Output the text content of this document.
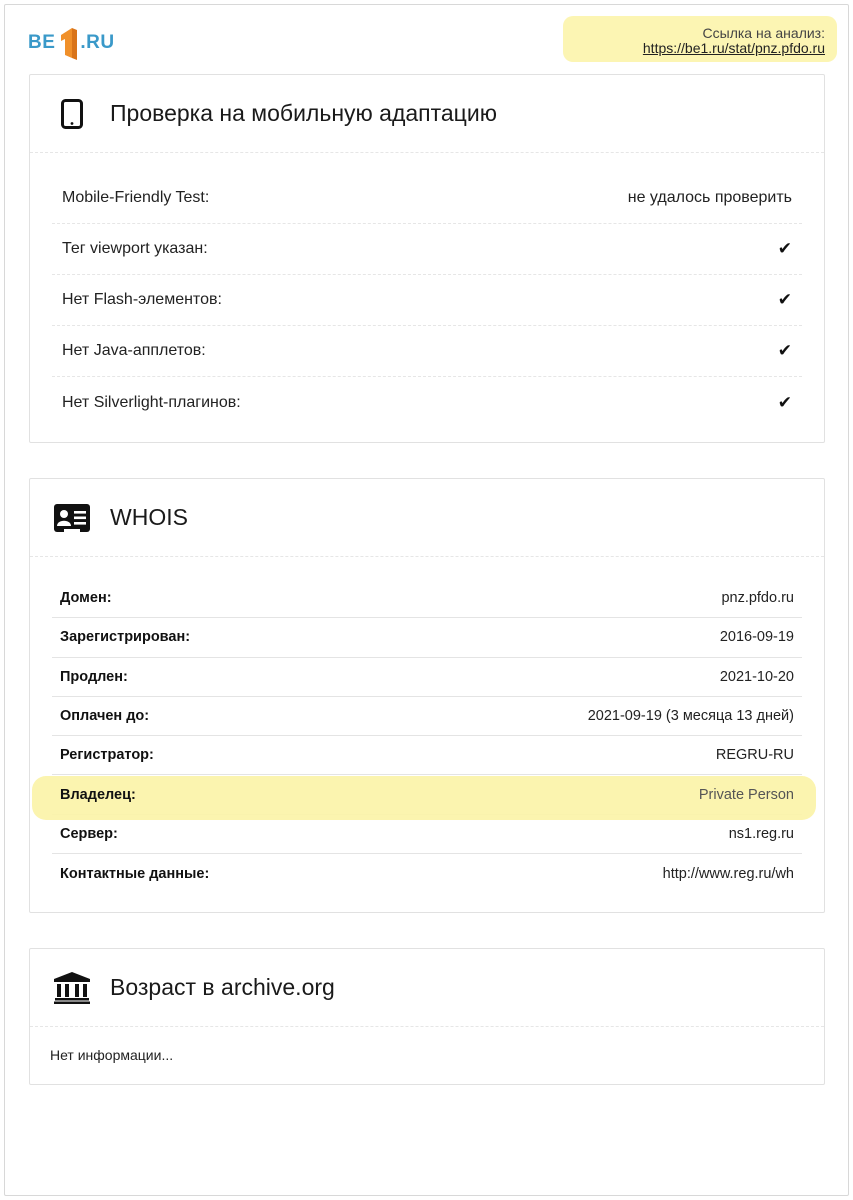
BE .RU	Ссылка на анализ:
https://be1.ru/stat/pnz.pfdo.ru
Проверка на мобильную адаптацию
Mobile-Friendly Test:	не удалось проверить
Тег viewport указан:	✔
Нет Flash-элементов:	✔
Нет Java-апплетов:	✔
Нет Silverlight-плагинов:	✔
WHOIS
Домен:	pnz.pfdo.ru
Зарегистрирован:	2016-09-19
Продлен:	2021-10-20
Оплачен до:	2021-09-19 (3 месяца 13 дней)
Регистратор:	REGRU-RU
Владелец:	Private Person
Сервер:	ns1.reg.ru
Контактные данные:	http://www.reg.ru/wh
Возраст в archive.org
Нет информации...
